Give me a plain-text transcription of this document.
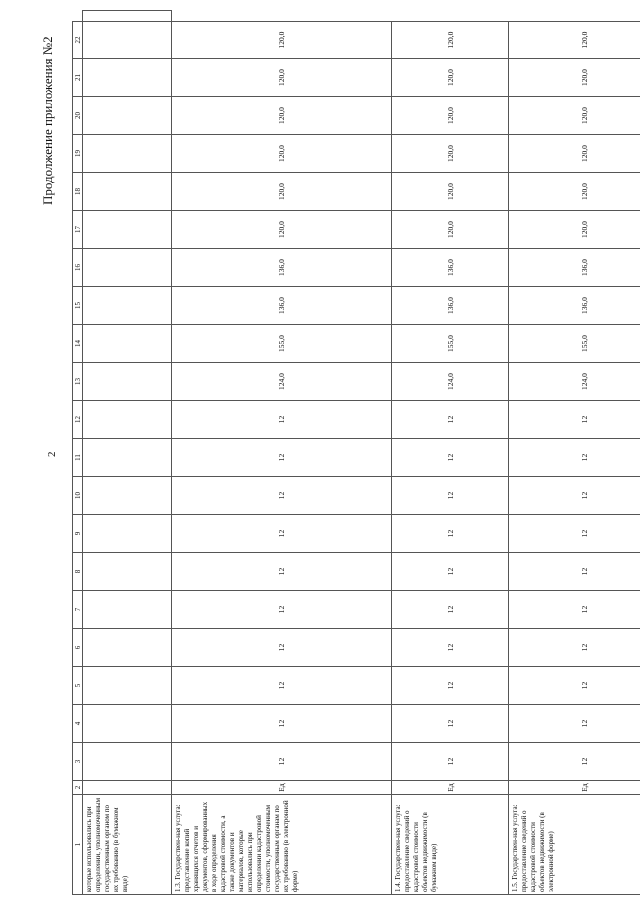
Продолжение приложения №2
2
1	2	3	4	5	6	7	8	9	10	11	12	13	14	15	16	17	18	19	20	21	22	
которые использовались при определении, уполномоченным государственным органом по их требованию (в бумажном виде)																						
1.3. Государствен-ная услуга: представление копий хранящихся отчетов и документов, сформированных в ходе определения кадастровой стоимости, а также документов и материалов, которые использовались при определении кадастровой стоимости, уполномоченным государственным органам по их требованию (в электронной форме)	Ед	12	12	12	12	12	12	12	12	12	12	124,0	155,0	136,0	136,0	120,0	120,0	120,0	120,0	120,0	120,0	
1.4. Государствен-ная услуга: предоставление сведений о кадастровой стоимости объектов недвижимости (в бумажном виде)	Ед	12	12	12	12	12	12	12	12	12	12	124,0	155,0	136,0	136,0	120,0	120,0	120,0	120,0	120,0	120,0	
1.5. Государствен-ная услуга: предоставление сведений о кадастровой стоимости объектов недвижимости (в электронной форме)	Ед	12	12	12	12	12	12	12	12	12	12	124,0	155,0	136,0	136,0	120,0	120,0	120,0	120,0	120,0	120,0	
